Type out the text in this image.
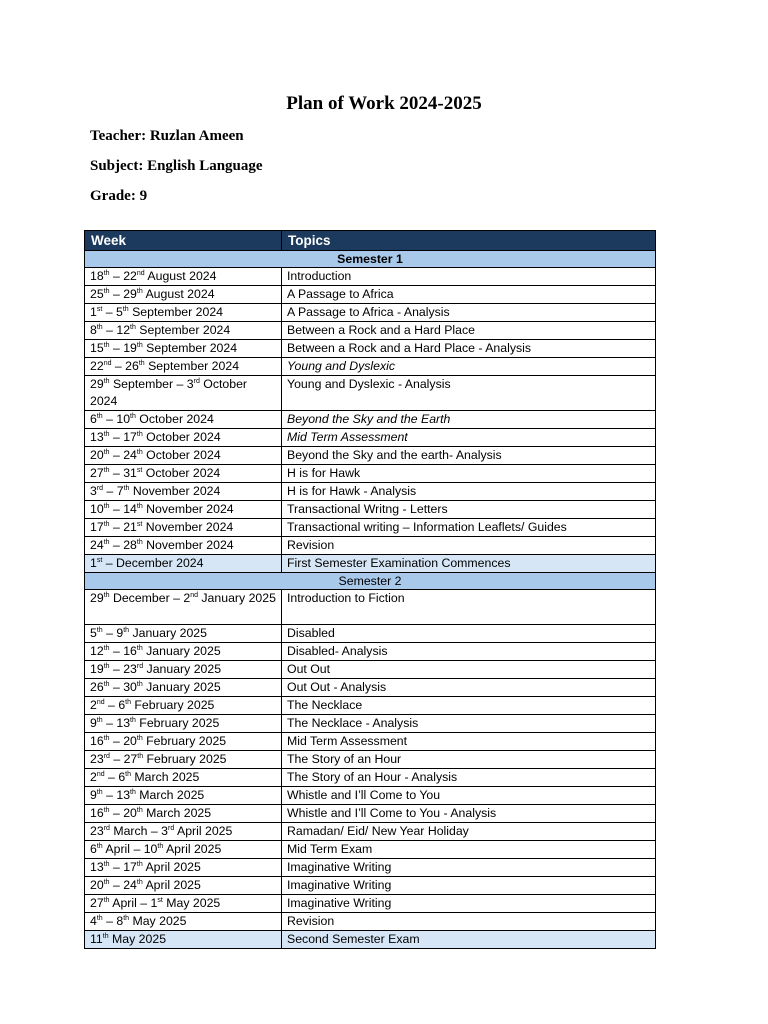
Plan of Work 2024-2025
Teacher: Ruzlan Ameen
Subject: English Language
Grade: 9
Week	Topics
Semester 1	
18th – 22nd August 2024	Introduction
25th – 29th August 2024	A Passage to Africa
1st – 5th September 2024	A Passage to Africa - Analysis
8th – 12th September 2024	Between a Rock and a Hard Place
15th – 19th September 2024	Between a Rock and a Hard Place - Analysis
22nd – 26th September 2024	Young and Dyslexic
29th September – 3rd October 2024	Young and Dyslexic - Analysis
6th – 10th October 2024	Beyond the Sky and the Earth
13th – 17th October 2024	Mid Term Assessment
20th – 24th October 2024	Beyond the Sky and the earth- Analysis
27th – 31st October 2024	H is for Hawk
3rd – 7th November 2024	H is for Hawk - Analysis
10th – 14th November 2024	Transactional Writng - Letters
17th – 21st November 2024	Transactional writing – Information Leaflets/ Guides
24th – 28th November 2024	Revision
1st – December 2024	First Semester Examination Commences
Semester 2	
29th December – 2nd January 2025	Introduction to Fiction
5th – 9th January 2025	Disabled
12th – 16th January 2025	Disabled- Analysis
19th – 23rd January 2025	Out Out
26th – 30th January 2025	Out Out - Analysis
2nd – 6th February 2025	The Necklace
9th – 13th February 2025	The Necklace - Analysis
16th – 20th February 2025	Mid Term Assessment
23rd – 27th February 2025	The Story of an Hour
2nd – 6th March 2025	The Story of an Hour - Analysis
9th – 13th March 2025	Whistle and I’ll Come to You
16th – 20th March 2025	Whistle and I’ll Come to You - Analysis
23rd March – 3rd April 2025	Ramadan/ Eid/ New Year Holiday
6th April – 10th April 2025	Mid Term Exam
13th – 17th April 2025	Imaginative Writing
20th – 24th April 2025	Imaginative Writing
27th April – 1st May 2025	Imaginative Writing
4th – 8th May 2025	Revision
11th May 2025	Second Semester Exam
